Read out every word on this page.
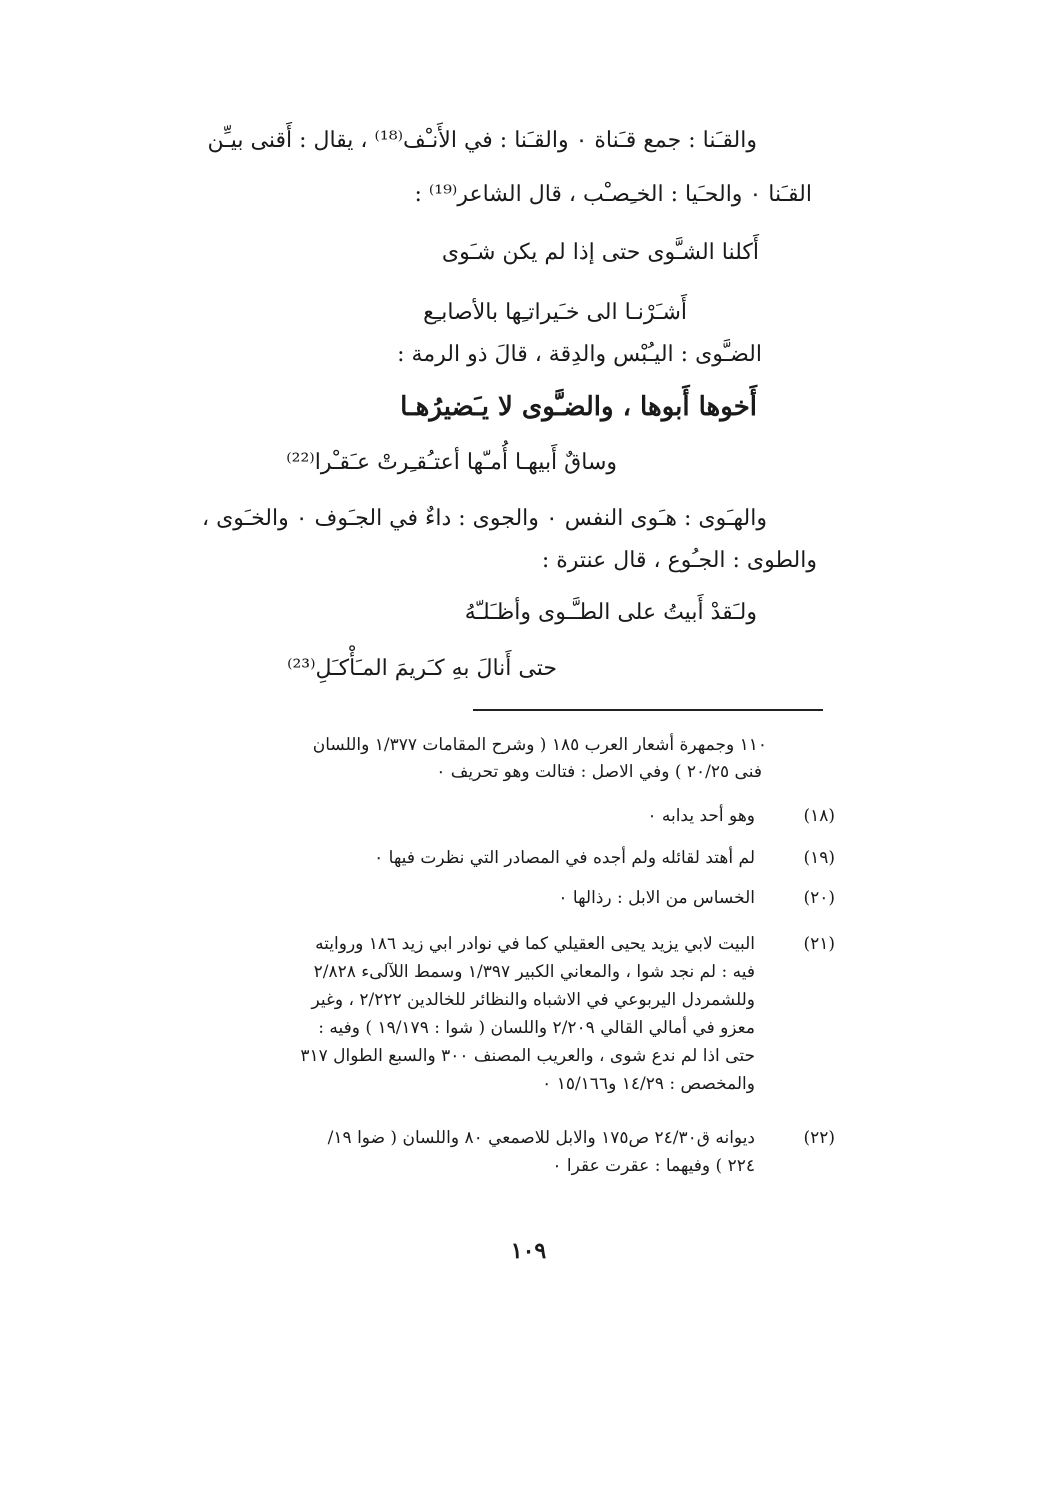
والقـَنا : جمع قـَناة ٠ والقـَنا : في الأَنـْف⁽¹⁸⁾ ، يقال : أَقنى بيـِّن

القـَنا ٠ والحـَيا : الخـِصـْب ، قال الشاعر⁽¹⁹⁾ :

أَكلنا الشـَّوى حتى إذا لم يكن شـَوى

أَشـَرْنـا الى خـَيراتـِها بالأصابـِع

الضـَّوى : اليـُبْس والدِقة ، قالَ ذو الرمة :

أَخوها أَبوها ، والضـَّوى لا يـَضيرُهـا

وساقٌ أَبيهـا أُمـّها أعتـُقـِرتْ عـَقـْرا⁽²²⁾

والهـَوى : هـَوى النفس ٠ والجوى : داءٌ في الجـَوف ٠ والخـَوى ،

والطوى : الجـُوع ، قال عنترة :

ولـَقدْ أَبيتُ على الطـَّـوى وأظـَلـّهُ

حتى أَنالَ بهِ كـَريمَ المـَأْكـَلِ⁽²³⁾

١١٠ وجمهرة أشعار العرب ١٨٥ ( وشرح المقامات ١/٣٧٧ واللسان

فنى ٢٠/٢٥ ) وفي الاصل : فتالت وهو تحريف ٠

(١٨)

وهو أحد يدابه ٠

(١٩)

لم أهتد لقائله ولم أجده في المصادر التي نظرت فيها ٠

(٢٠)

الخساس من الابل : رذالها ٠

(٢١)

البيت لابي يزيد يحيى العقيلي كما في نوادر ابي زيد ١٨٦ وروايته

فيه : لم نجد شوا ، والمعاني الكبير ١/٣٩٧ وسمط اللآلىء ٢/٨٢٨

وللشمردل اليربوعي في الاشباه والنظائر للخالدين ٢/٢٢٢ ، وغير

معزو في أمالي القالي ٢/٢٠٩ واللسان ( شوا : ١٩/١٧٩ ) وفيه :

حتى اذا لم ندع شوى ، والعريب المصنف ٣٠٠ والسبع الطوال ٣١٧

والمخصص : ١٤/٢٩ و١٥/١٦٦ ٠

(٢٢)

ديوانه ق٢٤/٣٠ ص١٧٥ والابل للاصمعي ٨٠ واللسان ( ضوا ١٩/

٢٢٤ ) وفيهما : عقرت عقرا ٠

١٠٩
